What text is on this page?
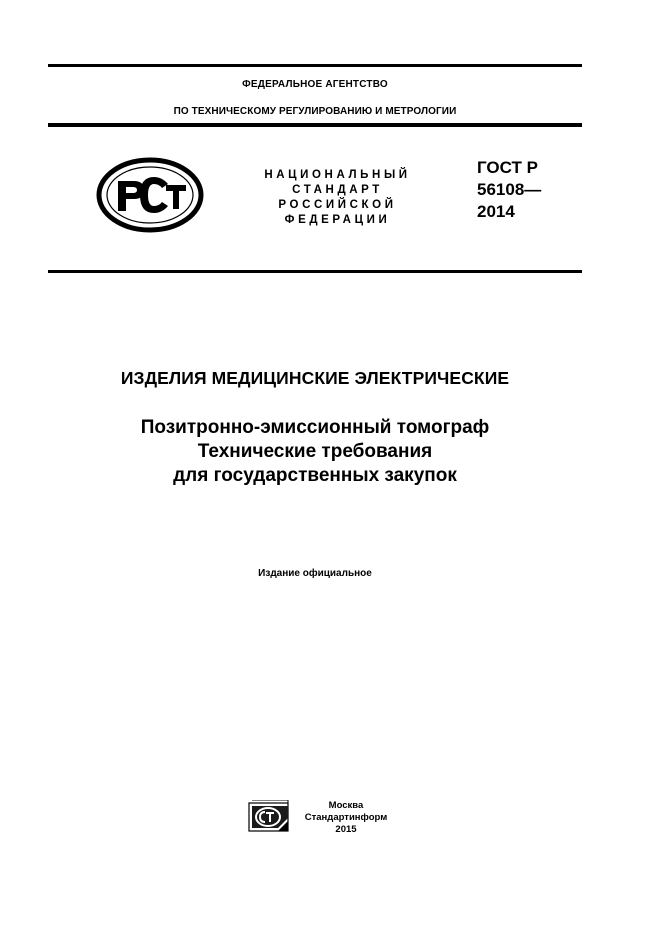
ФЕДЕРАЛЬНОЕ АГЕНТСТВО
ПО ТЕХНИЧЕСКОМУ РЕГУЛИРОВАНИЮ И МЕТРОЛОГИИ
НАЦИОНАЛЬНЫЙ
СТАНДАРТ
РОССИЙСКОЙ
ФЕДЕРАЦИИ
ГОСТ Р
56108—
2014
ИЗДЕЛИЯ МЕДИЦИНСКИЕ ЭЛЕКТРИЧЕСКИЕ
Позитронно-эмиссионный томограф
Технические требования
для государственных закупок
Издание официальное
Москва
Стандартинформ
2015
